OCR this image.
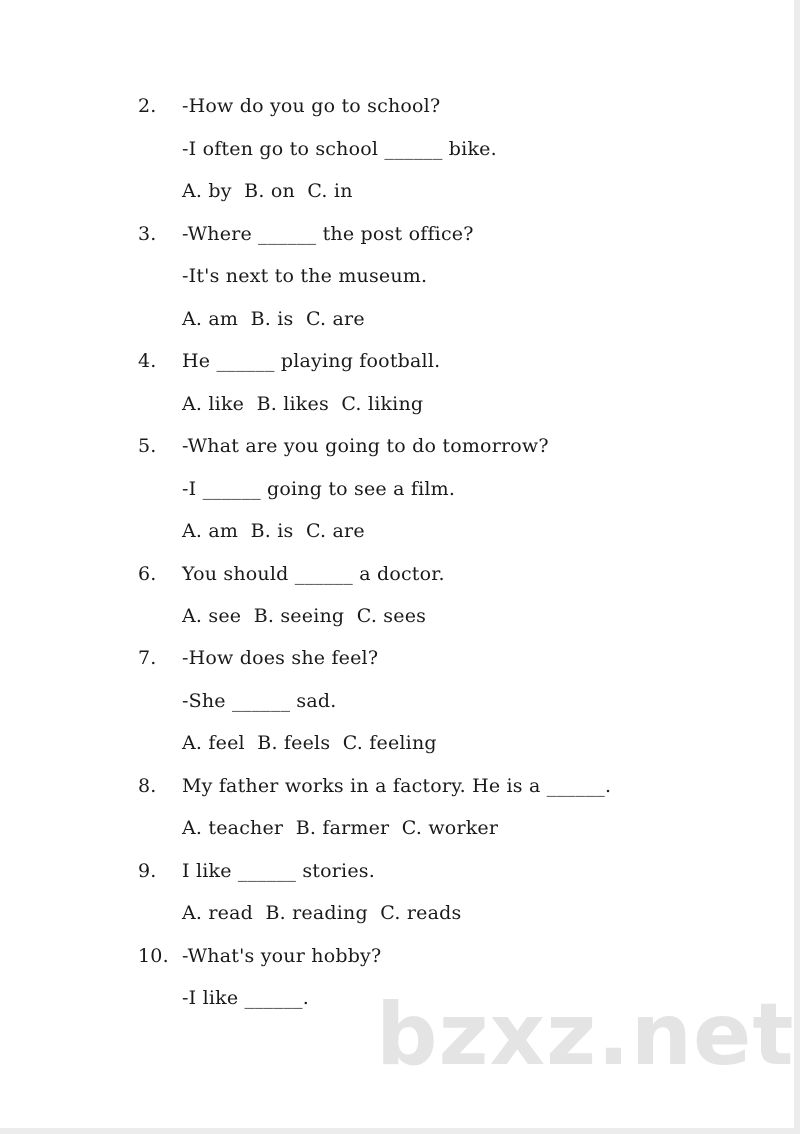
2. -How do you go to school?
-I often go to school ______ bike.
A. by  B. on  C. in
3. -Where ______ the post office?
-It's next to the museum.
A. am  B. is  C. are
4. He ______ playing football.
A. like  B. likes  C. liking
5. -What are you going to do tomorrow?
-I ______ going to see a film.
A. am  B. is  C. are
6. You should ______ a doctor.
A. see  B. seeing  C. sees
7. -How does she feel?
-She ______ sad.
A. feel  B. feels  C. feeling
8. My father works in a factory. He is a ______.
A. teacher  B. farmer  C. worker
9. I like ______ stories.
A. read  B. reading  C. reads
10. -What's your hobby?
-I like ______. bzxz.net
